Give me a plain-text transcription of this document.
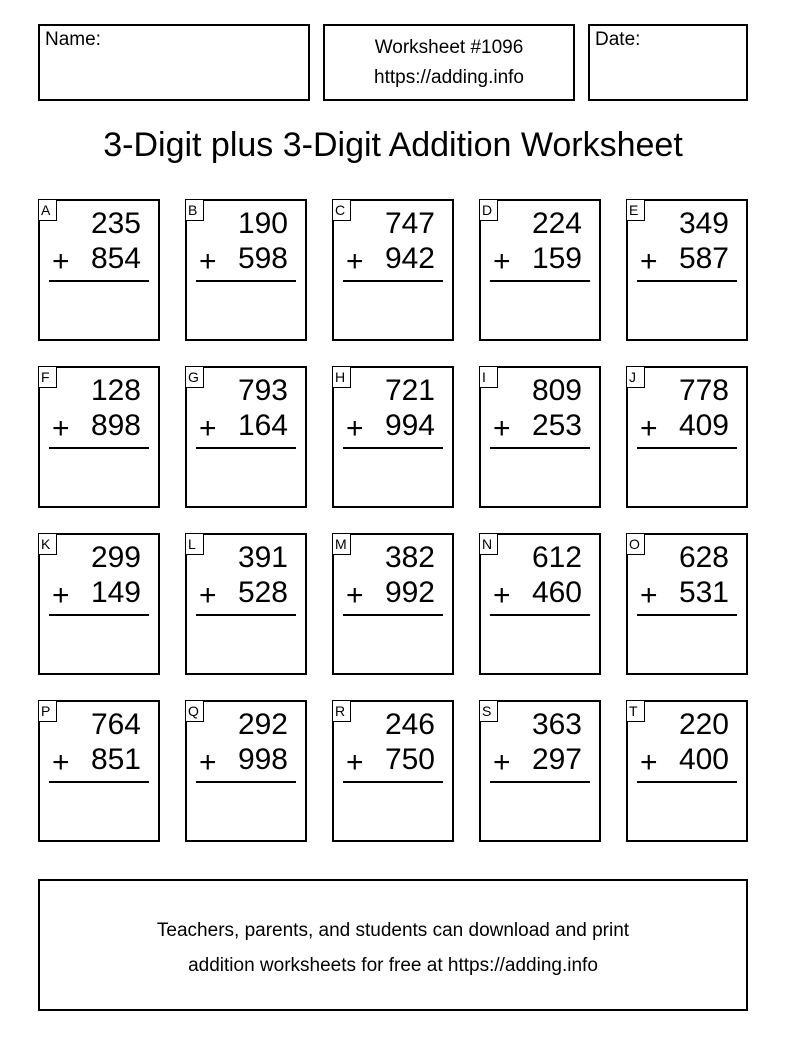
Name:	Worksheet #1096
https://adding.info
Date:
3-Digit plus 3-Digit Addition Worksheet
A 235
+ 854
B 190
+ 598
C 747
+ 942
D 224
+ 159
E 349
+ 587
F 128
+ 898
G 793
+ 164
H 721
+ 994
I	809
+ 253
J	778
+ 409
K 299
+ 149
L 391
+ 528
M 382
+ 992
N 612
+ 460
O 628
+ 531
P 764
+ 851
Q 292
+ 998
R 246
+ 750
S 363
+ 297
T 220
+ 400
Teachers, parents, and students can download and print
addition worksheets for free at https://adding.info
